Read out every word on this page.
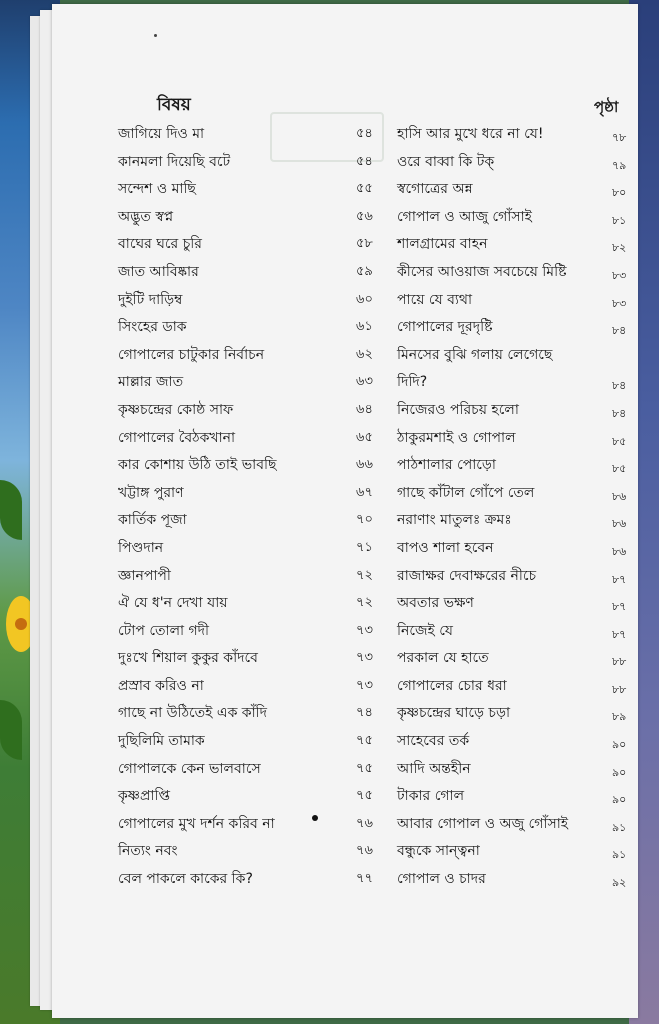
বিষয়	পৃষ্ঠা
জাগিয়ে দিও মা	৫৪ হাসি আর মুখে ধরে না যে!	৭৮
কানমলা দিয়েছি বটে	৫৪ ওরে বাব্বা কি টক্	৭৯
সন্দেশ ও মাছি	৫৫ স্বগোত্রের অন্ন	৮০
অদ্ভুত স্বপ্ন	৫৬ গোপাল ও আজু গোঁসাই	৮১
বাঘের ঘরে চুরি	৫৮ শালগ্রামের বাহন	৮২
জাত আবিষ্কার	৫৯ কীসের আওয়াজ সবচেয়ে মিষ্টি	৮৩
দুইটি দাড়িম্ব	৬০ পায়ে যে ব্যথা	৮৩
সিংহের ডাক	৬১ গোপালের দূরদৃষ্টি	৮৪
গোপালের চাটুকার নির্বাচন	৬২ মিনসের বুঝি গলায় লেগেছে
মাল্লার জাত	৬৩ দিদি?	৮৪
কৃষ্ণচন্দ্রের কোষ্ঠ সাফ	৬৪ নিজেরও পরিচয় হলো	৮৪
গোপালের বৈঠকখানা	৬৫ ঠাকুরমশাই ও গোপাল	৮৫
কার কোশায় উঠি তাই ভাবছি	৬৬ পাঠশালার পোড়ো	৮৫
খট্টাঙ্গ পুরাণ	৬৭ গাছে কাঁটাল গোঁপে তেল	৮৬
কার্তিক পূজা	৭০ নরাণাং মাতুলঃ ক্রমঃ	৮৬
পিণ্ডদান	৭১ বাপও শালা হবেন	৮৬
জ্ঞানপাপী	৭২ রাজাক্ষর দেবাক্ষরের নীচে	৮৭
ঐ যে ধ'ন দেখা যায়	৭২ অবতার ভক্ষণ	৮৭
টোপ তোলা গদী	৭৩ নিজেই যে	৮৭
দুঃখে শিয়াল কুকুর কাঁদবে	৭৩ পরকাল যে হাতে	৮৮
প্রস্রাব করিও না	৭৩ গোপালের চোর ধরা	৮৮
গাছে না উঠিতেই এক কাঁদি	৭৪ কৃষ্ণচন্দ্রের ঘাড়ে চড়া	৮৯
দুছিলিমি তামাক	৭৫ সাহেবের তর্ক	৯০
গোপালকে কেন ভালবাসে	৭৫ আদি অন্তহীন	৯০
কৃষ্ণপ্রাপ্তি	৭৫ টাকার গোল	৯০
গোপালের মুখ দর্শন করিব না	৭৬ আবার গোপাল ও অজু গোঁসাই	৯১
নিত্যং নবং	৭৬ বন্ধুকে সান্ত্বনা	৯১
বেল পাকলে কাকের কি?	৭৭ গোপাল ও চাদর	৯২
